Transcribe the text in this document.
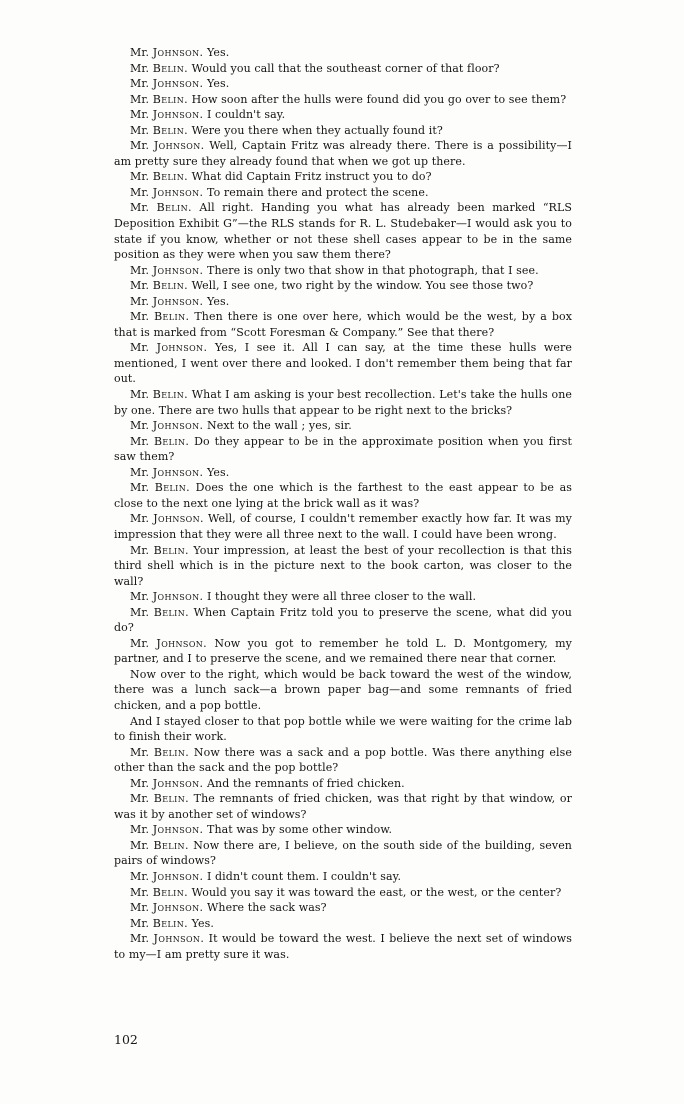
Mr. Johnson. Yes.

Mr. Belin. Would you call that the southeast corner of that floor?

Mr. Johnson. Yes.

Mr. Belin. How soon after the hulls were found did you go over to see them?

Mr. Johnson. I couldn't say.

Mr. Belin. Were you there when they actually found it?

Mr. Johnson. Well, Captain Fritz was already there. There is a possibility—I am pretty sure they already found that when we got up there.

Mr. Belin. What did Captain Fritz instruct you to do?

Mr. Johnson. To remain there and protect the scene.

Mr. Belin. All right. Handing you what has already been marked “RLS Deposition Exhibit G”—the RLS stands for R. L. Studebaker—I would ask you to state if you know, whether or not these shell cases appear to be in the same position as they were when you saw them there?

Mr. Johnson. There is only two that show in that photograph, that I see.

Mr. Belin. Well, I see one, two right by the window. You see those two?

Mr. Johnson. Yes.

Mr. Belin. Then there is one over here, which would be the west, by a box that is marked from “Scott Foresman & Company.” See that there?

Mr. Johnson. Yes, I see it. All I can say, at the time these hulls were mentioned, I went over there and looked. I don't remember them being that far out.

Mr. Belin. What I am asking is your best recollection. Let's take the hulls one by one. There are two hulls that appear to be right next to the bricks?

Mr. Johnson. Next to the wall ; yes, sir.

Mr. Belin. Do they appear to be in the approximate position when you first saw them?

Mr. Johnson. Yes.

Mr. Belin. Does the one which is the farthest to the east appear to be as close to the next one lying at the brick wall as it was?

Mr. Johnson. Well, of course, I couldn't remember exactly how far. It was my impression that they were all three next to the wall. I could have been wrong.

Mr. Belin. Your impression, at least the best of your recollection is that this third shell which is in the picture next to the book carton, was closer to the wall?

Mr. Johnson. I thought they were all three closer to the wall.

Mr. Belin. When Captain Fritz told you to preserve the scene, what did you do?

Mr. Johnson. Now you got to remember he told L. D. Montgomery, my partner, and I to preserve the scene, and we remained there near that corner.

Now over to the right, which would be back toward the west of the window, there was a lunch sack—a brown paper bag—and some remnants of fried chicken, and a pop bottle.

And I stayed closer to that pop bottle while we were waiting for the crime lab to finish their work.

Mr. Belin. Now there was a sack and a pop bottle. Was there anything else other than the sack and the pop bottle?

Mr. Johnson. And the remnants of fried chicken.

Mr. Belin. The remnants of fried chicken, was that right by that window, or was it by another set of windows?

Mr. Johnson. That was by some other window.

Mr. Belin. Now there are, I believe, on the south side of the building, seven pairs of windows?

Mr. Johnson. I didn't count them. I couldn't say.

Mr. Belin. Would you say it was toward the east, or the west, or the center?

Mr. Johnson. Where the sack was?

Mr. Belin. Yes.

Mr. Johnson. It would be toward the west. I believe the next set of windows to my—I am pretty sure it was.

102
